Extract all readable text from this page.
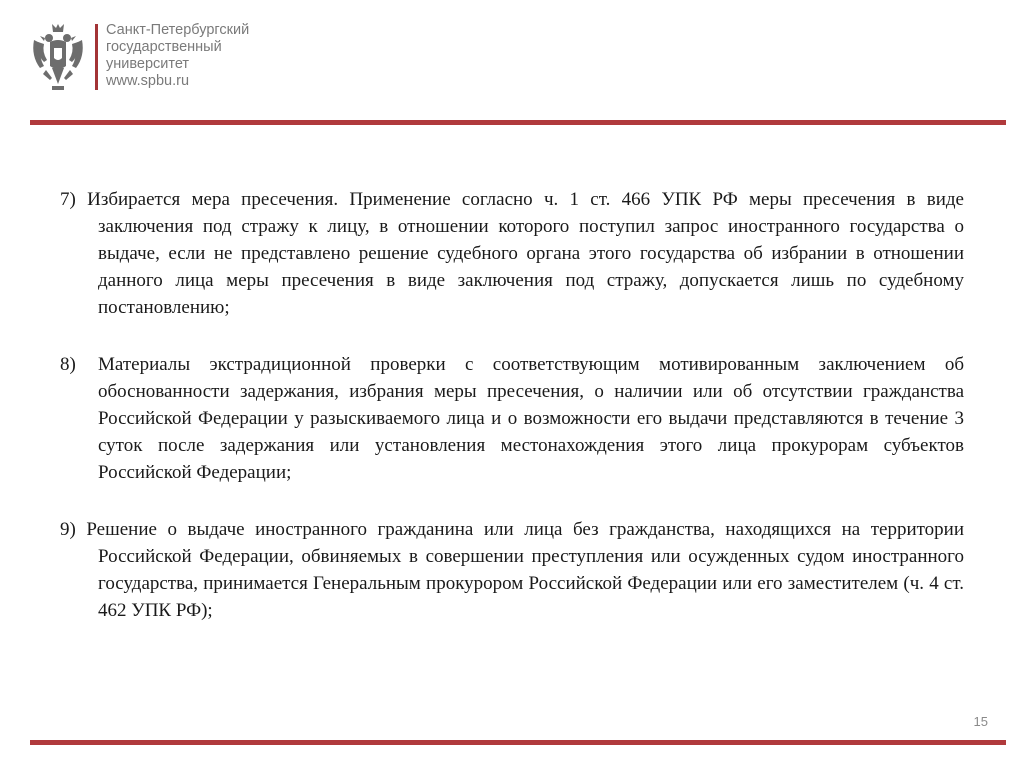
Санкт-Петербургский
государственный
университет
www.spbu.ru

7) Избирается мера пресечения. Применение согласно ч. 1 ст. 466 УПК РФ меры пресечения в виде заключения под стражу к лицу, в отношении которого поступил запрос иностранного государства о выдаче, если не представлено решение судебного органа этого государства об избрании в отношении данного лица меры пресечения в виде заключения под стражу, допускается лишь по судебному постановлению;

8) Материалы экстрадиционной проверки с соответствующим мотивированным заключением об обоснованности задержания, избрания меры пресечения, о наличии или об отсутствии гражданства Российской Федерации у разыскиваемого лица и о возможности его выдачи представляются в течение 3 суток после задержания или установления местонахождения этого лица прокурорам субъектов Российской Федерации;

9) Решение о выдаче иностранного гражданина или лица без гражданства, находящихся на территории Российской Федерации, обвиняемых в совершении преступления или осужденных судом иностранного государства, принимается Генеральным прокурором Российской Федерации или его заместителем (ч. 4 ст. 462 УПК РФ);

15
